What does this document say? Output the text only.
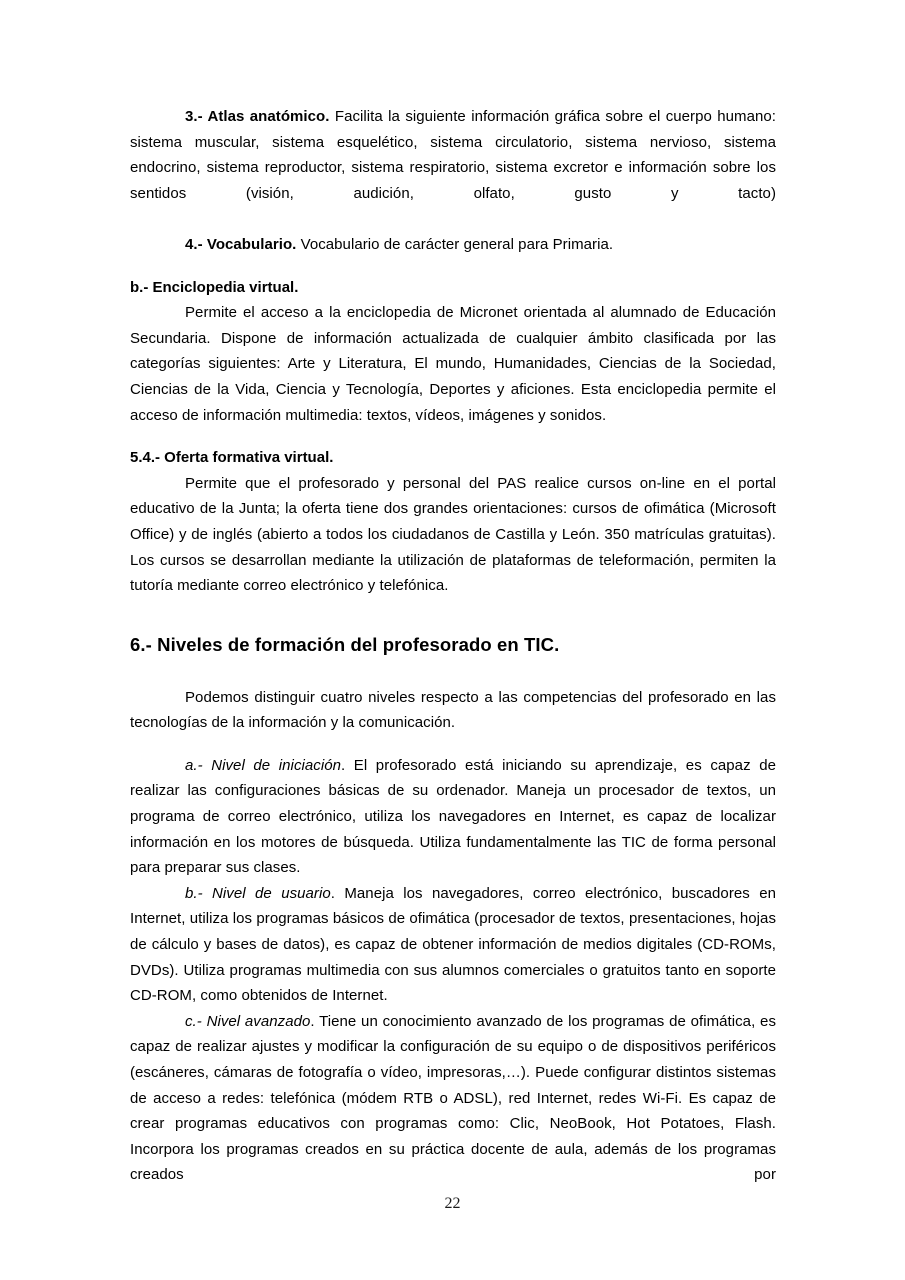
3.- Atlas anatómico. Facilita la siguiente información gráfica sobre el cuerpo humano: sistema muscular, sistema esquelético, sistema circulatorio, sistema nervioso, sistema endocrino, sistema reproductor, sistema respiratorio, sistema excretor e información sobre los sentidos (visión, audición, olfato, gusto y tacto)

4.- Vocabulario. Vocabulario de carácter general para Primaria.

b.- Enciclopedia virtual.

Permite el acceso a la enciclopedia de Micronet orientada al alumnado de Educación Secundaria. Dispone de información actualizada de cualquier ámbito clasificada por las categorías siguientes: Arte y Literatura, El mundo, Humanidades, Ciencias de la Sociedad, Ciencias de la Vida, Ciencia y Tecnología, Deportes y aficiones. Esta enciclopedia permite el acceso de información multimedia: textos, vídeos, imágenes y sonidos.

5.4.- Oferta formativa virtual.

Permite que el profesorado y personal del PAS realice cursos on-line en el portal educativo de la Junta; la oferta tiene dos grandes orientaciones: cursos de ofimática (Microsoft Office) y de inglés (abierto a todos los ciudadanos de Castilla y León. 350 matrículas gratuitas). Los cursos se desarrollan mediante la utilización de plataformas de teleformación, permiten la tutoría mediante correo electrónico y telefónica.

6.- Niveles de formación del profesorado en TIC.

Podemos distinguir cuatro niveles respecto a las competencias del profesorado en las tecnologías de la información y la comunicación.

a.- Nivel de iniciación. El profesorado está iniciando su aprendizaje, es capaz de realizar las configuraciones básicas de su ordenador. Maneja un procesador de textos, un programa de correo electrónico, utiliza los navegadores en Internet, es capaz de localizar información en los motores de búsqueda. Utiliza fundamentalmente las TIC de forma personal para preparar sus clases.

b.- Nivel de usuario. Maneja los navegadores, correo electrónico, buscadores en Internet, utiliza los programas básicos de ofimática (procesador de textos, presentaciones, hojas de cálculo y bases de datos), es capaz de obtener información de medios digitales (CD-ROMs, DVDs). Utiliza programas multimedia con sus alumnos comerciales o gratuitos tanto en soporte CD-ROM, como obtenidos de Internet.

c.- Nivel avanzado. Tiene un conocimiento avanzado de los programas de ofimática, es capaz de realizar ajustes y modificar la configuración de su equipo o de dispositivos periféricos (escáneres, cámaras de fotografía o vídeo, impresoras,…). Puede configurar distintos sistemas de acceso a redes: telefónica (módem RTB o ADSL), red Internet, redes Wi-Fi. Es capaz de crear programas educativos con programas como: Clic, NeoBook, Hot Potatoes, Flash. Incorpora los programas creados en su práctica docente de aula, además de los programas creados por

22
